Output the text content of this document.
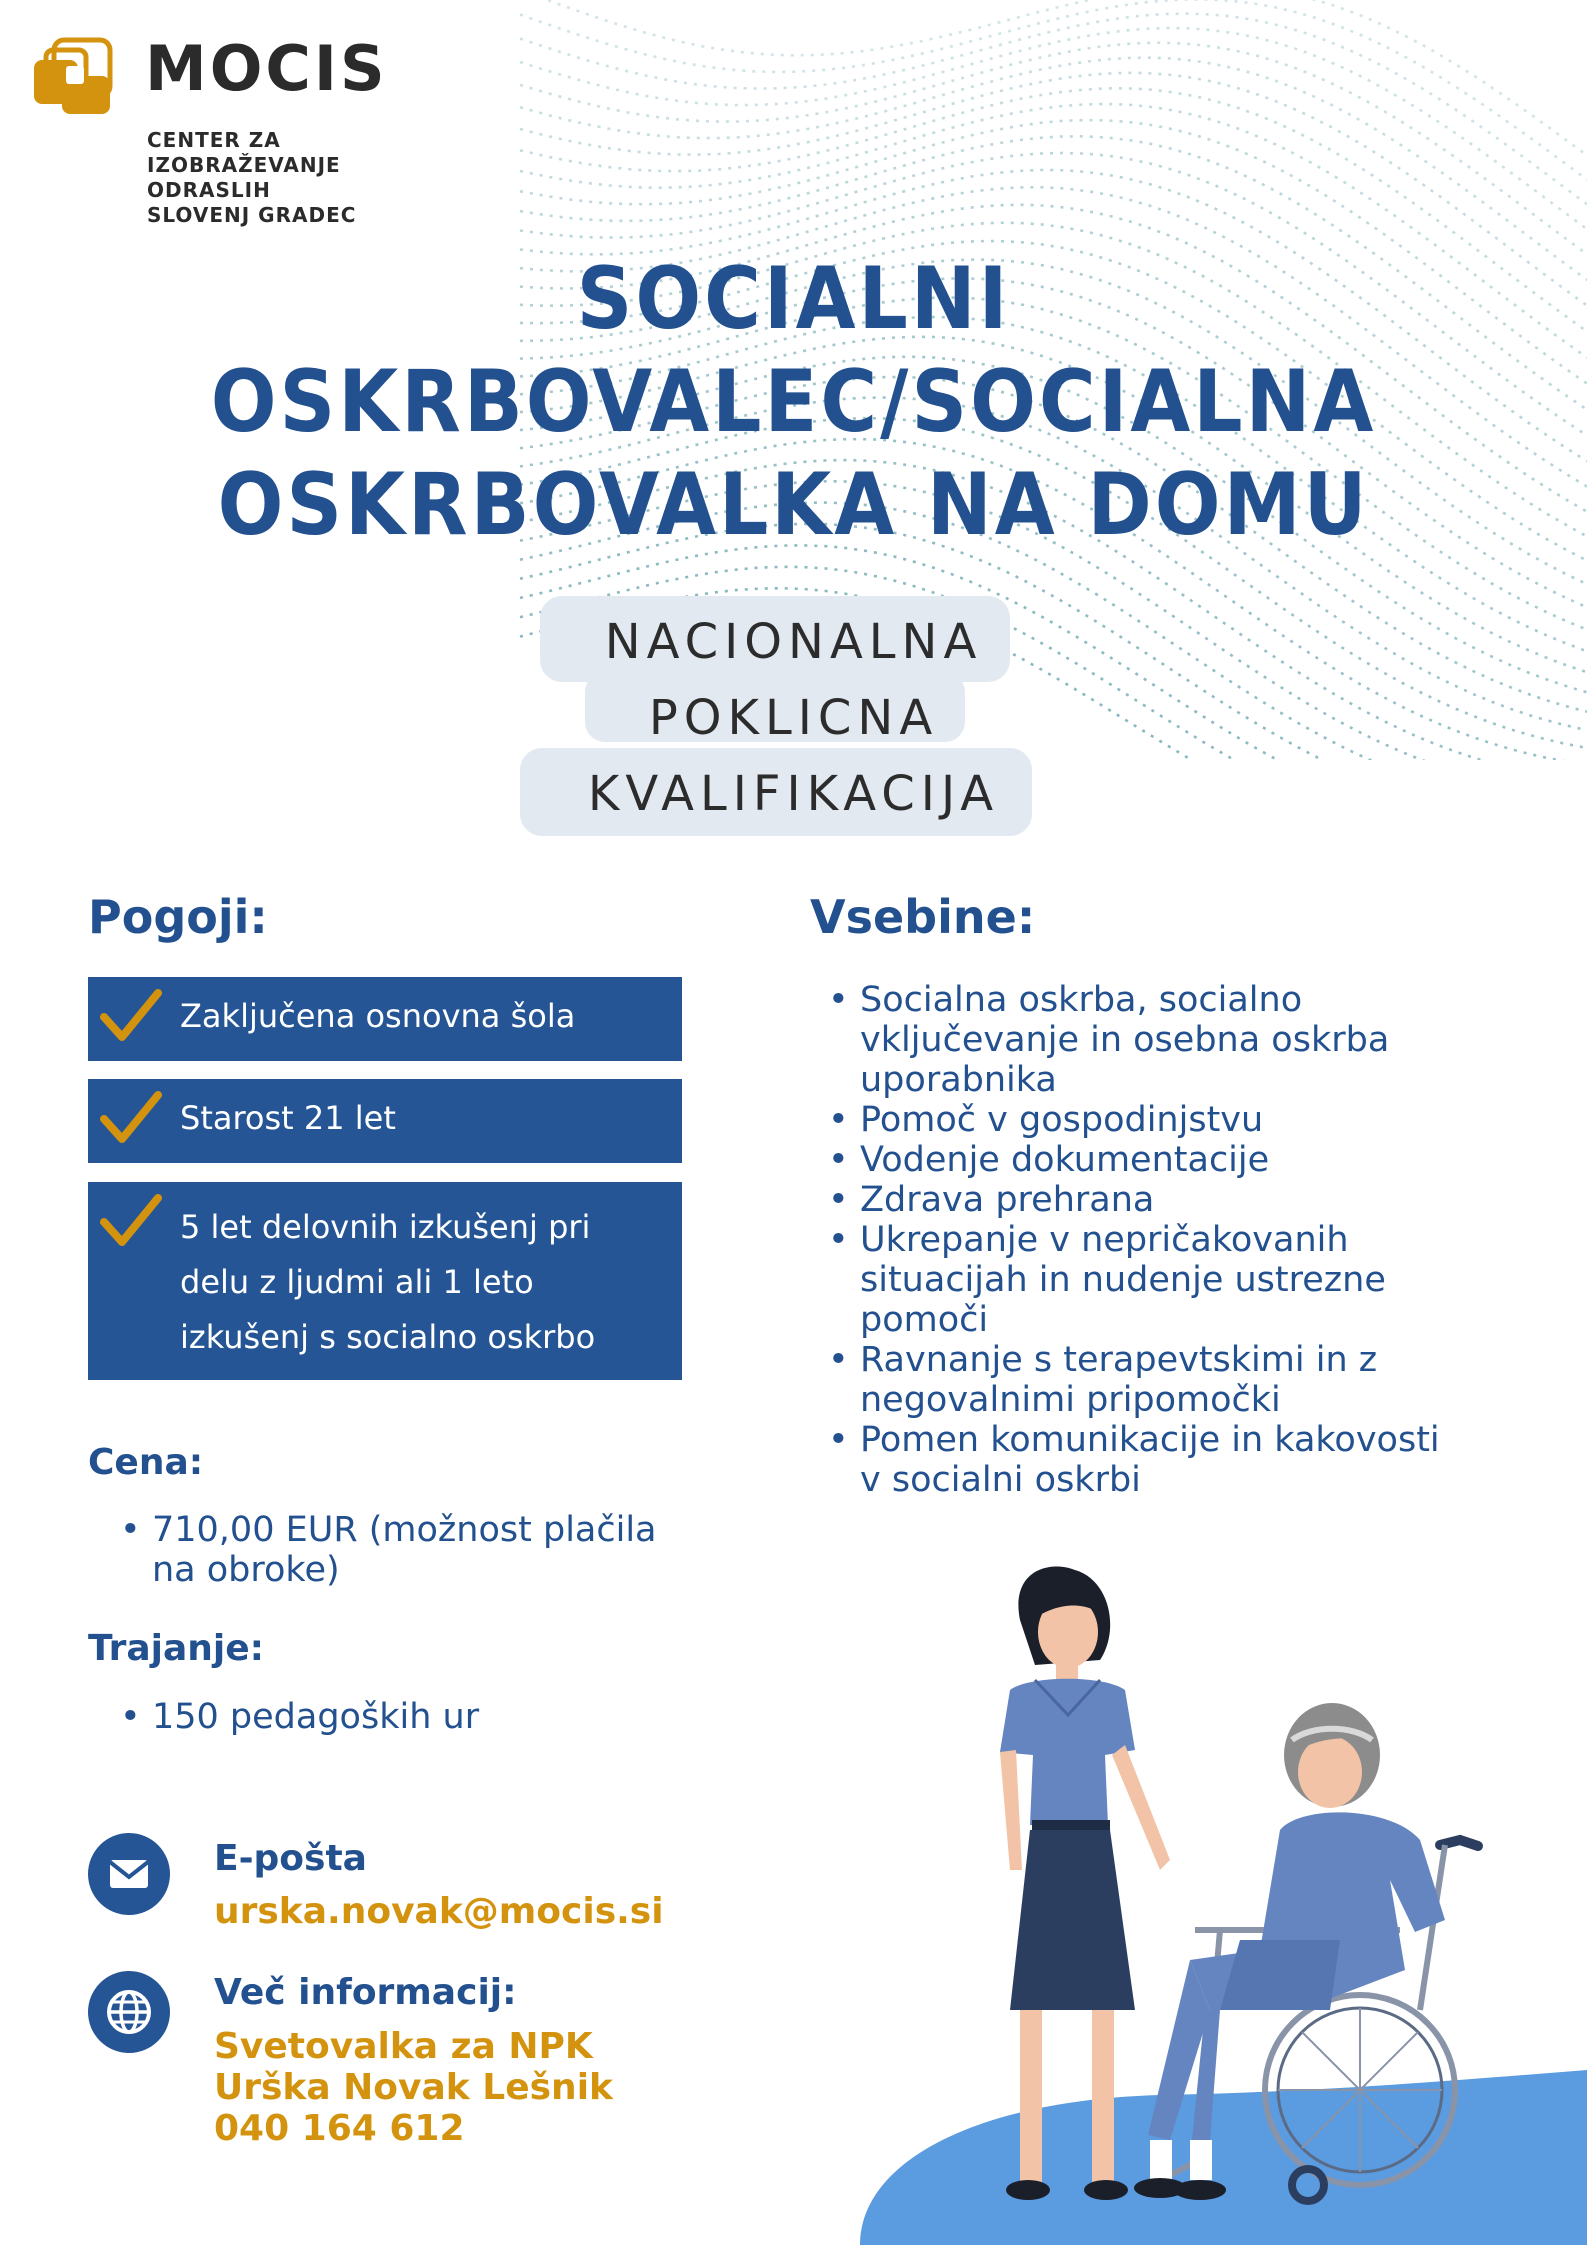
MOCIS
CENTER ZA
IZOBRAŽEVANJE
ODRASLIH
SLOVENJ GRADEC
SOCIALNI
OSKRBOVALEC/SOCIALNA
OSKRBOVALKA NA DOMU
NACIONALNA
POKLICNA
KVALIFIKACIJA
Pogoji:
Zaključena osnovna šola
Starost 21 let
5 let delovnih izkušenj pri delu z ljudmi ali 1 leto izkušenj s socialno oskrbo
Vsebine:
• Socialna oskrba, socialno vključevanje in osebna oskrba uporabnika
• Pomoč v gospodinjstvu
• Vodenje dokumentacije
• Zdrava prehrana
• Ukrepanje v nepričakovanih situacijah in nudenje ustrezne pomoči
• Ravnanje s terapevtskimi in z negovalnimi pripomočki
• Pomen komunikacije in kakovosti v socialni oskrbi
Cena:
• 710,00 EUR (možnost plačila na obroke)
Trajanje:
• 150 pedagoških ur
E-pošta
urska.novak@mocis.si
Več informacij:
Svetovalka za NPK
Urška Novak Lešnik
040 164 612
